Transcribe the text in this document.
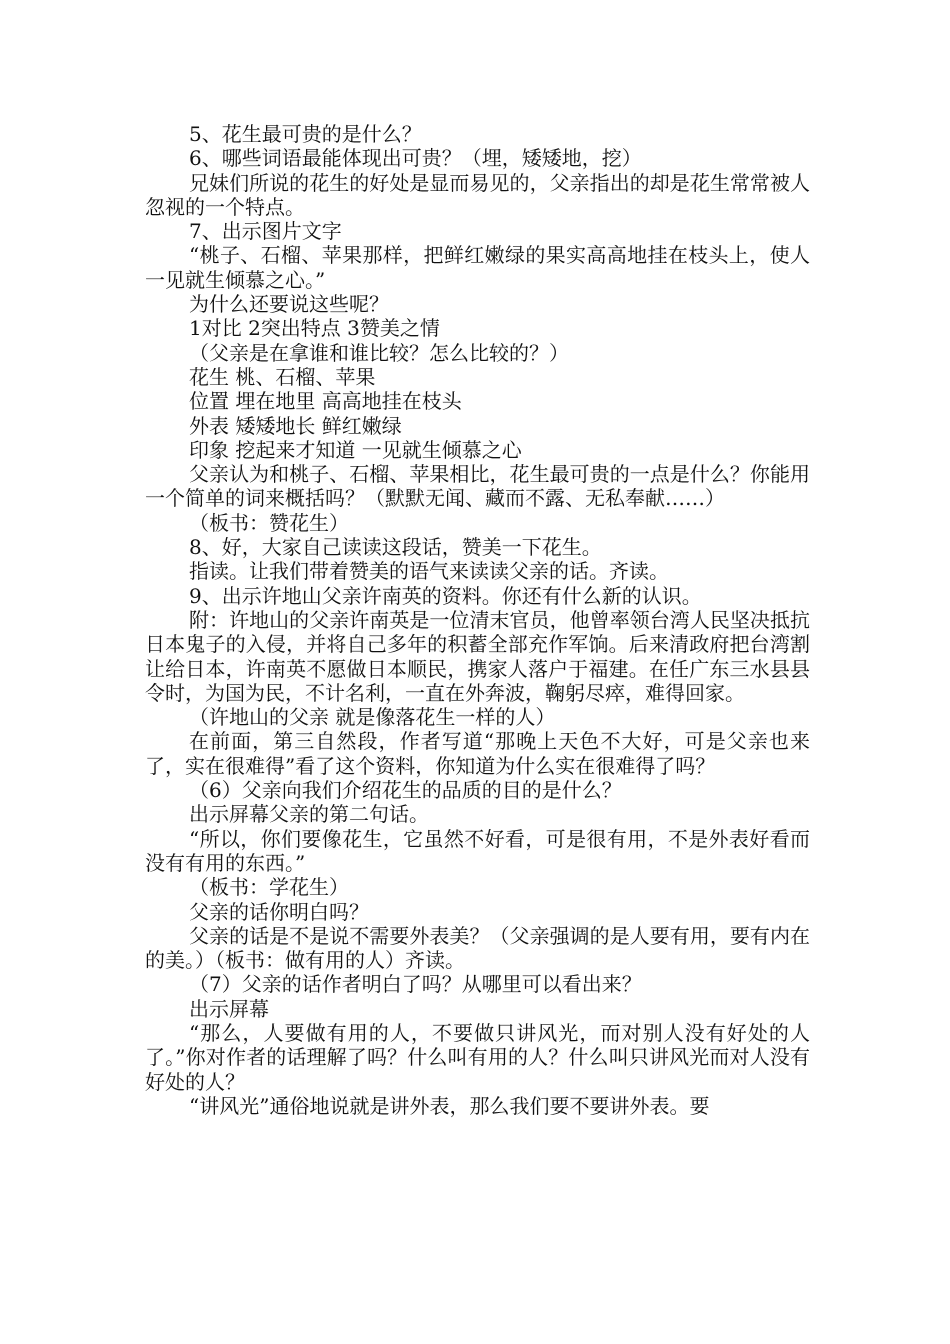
5、花生最可贵的是什么？

6、哪些词语最能体现出可贵？（埋，矮矮地，挖）

兄妹们所说的花生的好处是显而易见的，父亲指出的却是花生常常被人忽视的一个特点。

7、出示图片文字

“桃子、石榴、苹果那样，把鲜红嫩绿的果实高高地挂在枝头上，使人一见就生倾慕之心。”

为什么还要说这些呢？

1对比 2突出特点 3赞美之情

（父亲是在拿谁和谁比较？怎么比较的？）

花生 桃、石榴、苹果

位置 埋在地里 高高地挂在枝头

外表 矮矮地长 鲜红嫩绿

印象 挖起来才知道 一见就生倾慕之心

父亲认为和桃子、石榴、苹果相比，花生最可贵的一点是什么？你能用一个简单的词来概括吗？（默默无闻、藏而不露、无私奉献……）

（板书：赞花生）

8、好，大家自己读读这段话，赞美一下花生。

指读。让我们带着赞美的语气来读读父亲的话。齐读。

9、出示许地山父亲许南英的资料。你还有什么新的认识。

附：许地山的父亲许南英是一位清末官员，他曾率领台湾人民坚决抵抗日本鬼子的入侵，并将自己多年的积蓄全部充作军饷。后来清政府把台湾割让给日本，许南英不愿做日本顺民，携家人落户于福建。在任广东三水县县令时，为国为民，不计名利，一直在外奔波，鞠躬尽瘁，难得回家。

（许地山的父亲 就是像落花生一样的人）

在前面，第三自然段，作者写道“那晚上天色不大好，可是父亲也来了，实在很难得”看了这个资料，你知道为什么实在很难得了吗？

（6）父亲向我们介绍花生的品质的目的是什么？

出示屏幕父亲的第二句话。

“所以，你们要像花生，它虽然不好看，可是很有用，不是外表好看而没有有用的东西。”

（板书：学花生）

父亲的话你明白吗？

父亲的话是不是说不需要外表美？（父亲强调的是人要有用，要有内在的美。）（板书：做有用的人）齐读。

（7）父亲的话作者明白了吗？从哪里可以看出来？

出示屏幕

“那么，人要做有用的人，不要做只讲风光，而对别人没有好处的人了。”你对作者的话理解了吗？什么叫有用的人？什么叫只讲风光而对人没有好处的人？

“讲风光”通俗地说就是讲外表，那么我们要不要讲外表。要
